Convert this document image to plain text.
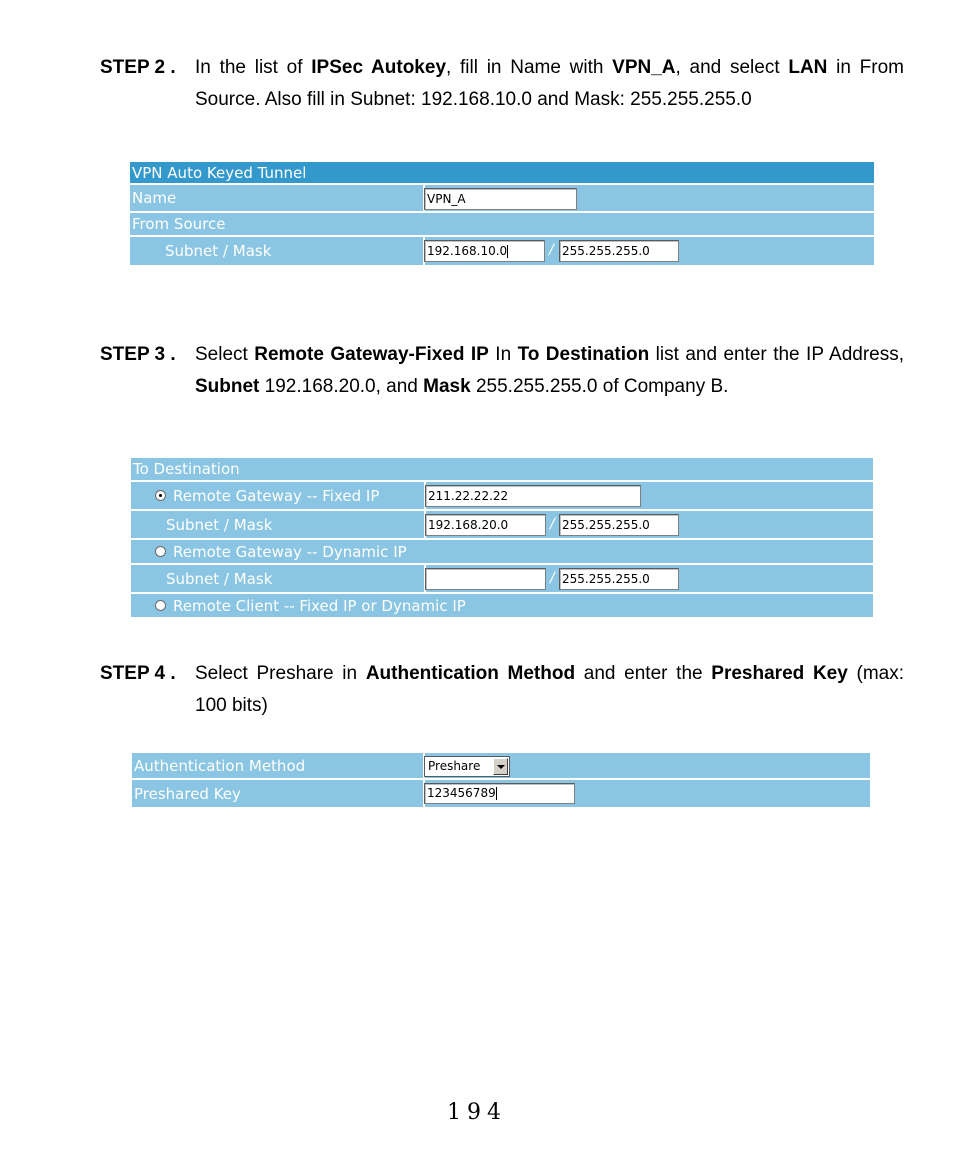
STEP 2 . In the list of IPSec Autokey, fill in Name with VPN_A, and select LAN in From Source. Also fill in Subnet: 192.168.10.0 and Mask: 255.255.255.0
VPN Auto Keyed Tunnel
Name	VPN_A
From Source
Subnet / Mask	192.168.10.0	/ 255.255.255.0
STEP 3 . Select Remote Gateway-Fixed IP In To Destination list and enter the IP Address, Subnet 192.168.20.0, and Mask 255.255.255.0 of Company B.
To Destination
Remote Gateway -- Fixed IP	211.22.22.22
Subnet / Mask	192.168.20.0	/ 255.255.255.0
Remote Gateway -- Dynamic IP
Subnet / Mask	/ 255.255.255.0
Remote Client -- Fixed IP or Dynamic IP
STEP 4 . Select Preshare in Authentication Method and enter the Preshared Key (max: 100 bits)
Authentication Method	Preshare
Preshared Key	123456789
194
